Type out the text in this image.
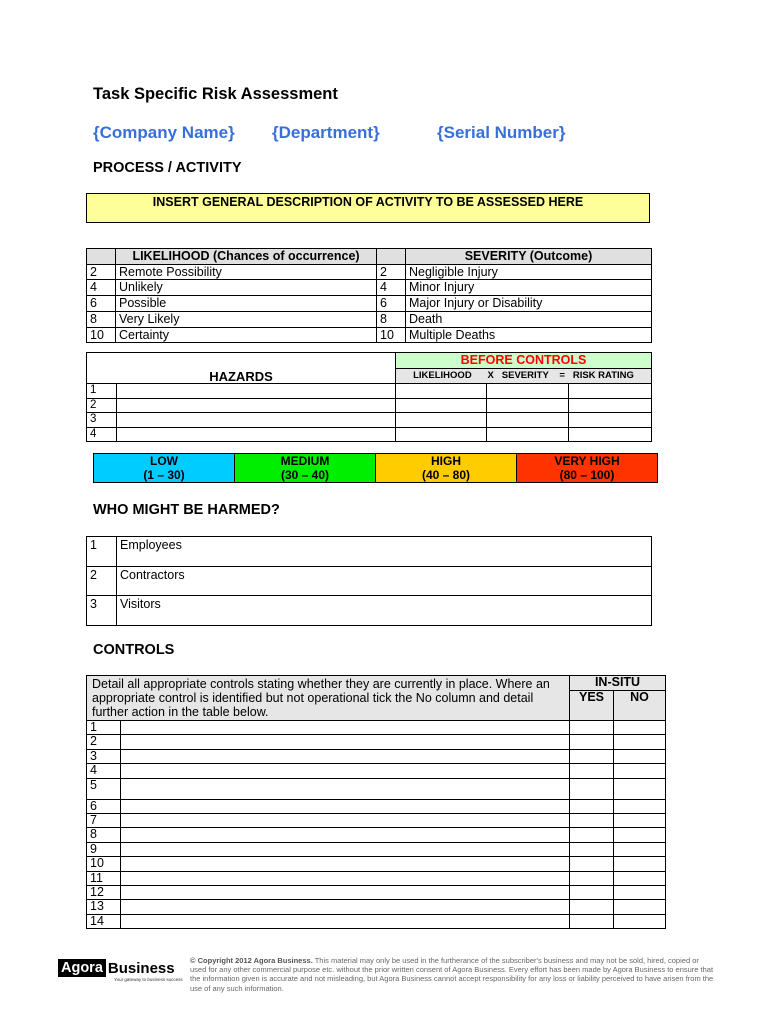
Task Specific Risk Assessment
{Company Name} {Department}	{Serial Number}
PROCESS / ACTIVITY
INSERT GENERAL DESCRIPTION OF ACTIVITY TO BE ASSESSED HERE
	LIKELIHOOD (Chances of occurrence)		SEVERITY (Outcome)
2	Remote Possibility	2	Negligible Injury
4	Unlikely	4	Minor Injury
6	Possible	6	Major Injury or Disability
8	Very Likely	8	Death
10	Certainty	10	Multiple Deaths
		BEFORE CONTROLS		
HAZARDS		LIKELIHOOD X SEVERITY = RISK RATING		
1				
2				
3				
4				
LOW
(1 – 30)
MEDIUM
(30 – 40)
HIGH
(40 – 80)
VERY HIGH
(80 – 100)
WHO MIGHT BE HARMED?
1	Employees
2	Contractors
3	Visitors
CONTROLS
Detail all appropriate controls stating whether they are currently in place. Where an appropriate control is identified but not operational tick the No column and detail further action in the table below.		IN-SITU	
		YES	NO
1			
2			
3			
4			
5			
6			
7			
8			
9			
10			
11			
12			
13			
14			
Agora Business
Your gateway to business success
© Copyright 2012 Agora Business. This material may only be used in the furtherance of the subscriber's business and may not be sold, hired, copied or used for any other commercial purpose etc. without the prior written consent of Agora Business. Every effort has been made by Agora Business to ensure that the information given is accurate and not misleading, but Agora Business cannot accept responsibility for any loss or liability perceived to have arisen from the use of any such information.
